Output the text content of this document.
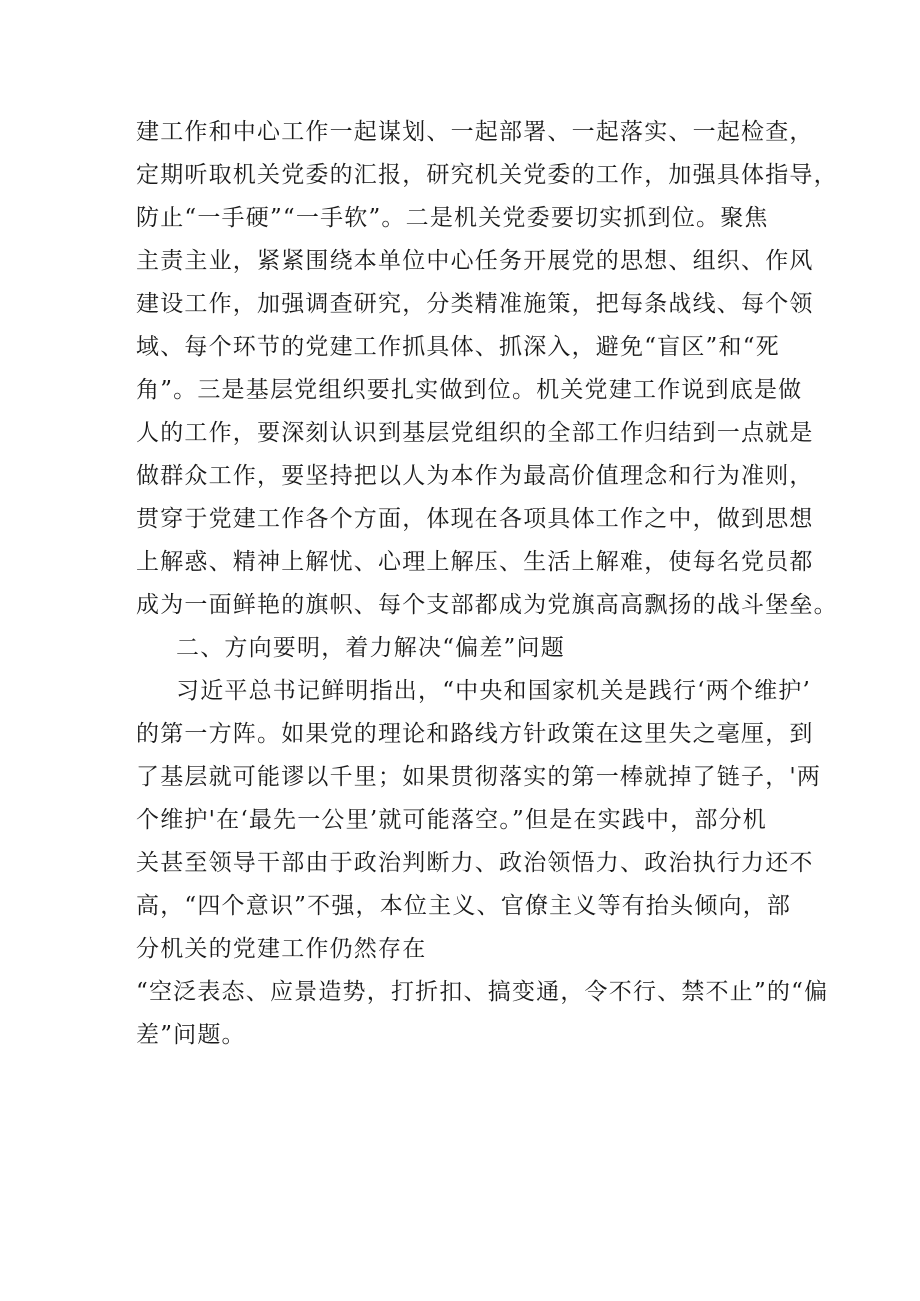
建工作和中心工作一起谋划、一起部署、一起落实、一起检查，

定期听取机关党委的汇报，研究机关党委的工作，加强具体指导，

防止“一手硬”“一手软”。二是机关党委要切实抓到位。聚焦

主责主业，紧紧围绕本单位中心任务开展党的思想、组织、作风

建设工作，加强调查研究，分类精准施策，把每条战线、每个领

域、每个环节的党建工作抓具体、抓深入，避免“盲区”和“死

角”。三是基层党组织要扎实做到位。机关党建工作说到底是做

人的工作，要深刻认识到基层党组织的全部工作归结到一点就是

做群众工作，要坚持把以人为本作为最高价值理念和行为准则，

贯穿于党建工作各个方面，体现在各项具体工作之中，做到思想

上解惑、精神上解忧、心理上解压、生活上解难，使每名党员都

成为一面鲜艳的旗帜、每个支部都成为党旗高高飘扬的战斗堡垒。

二、方向要明，着力解决“偏差”问题

习近平总书记鲜明指出，“中央和国家机关是践行‘两个维护’

的第一方阵。如果党的理论和路线方针政策在这里失之毫厘，到

了基层就可能谬以千里；如果贯彻落实的第一棒就掉了链子，'两

个维护'在‘最先一公里’就可能落空。”但是在实践中，部分机

关甚至领导干部由于政治判断力、政治领悟力、政治执行力还不

高，“四个意识”不强，本位主义、官僚主义等有抬头倾向，部

分机关的党建工作仍然存在

“空泛表态、应景造势，打折扣、搞变通，令不行、禁不止”的“偏

差”问题。
